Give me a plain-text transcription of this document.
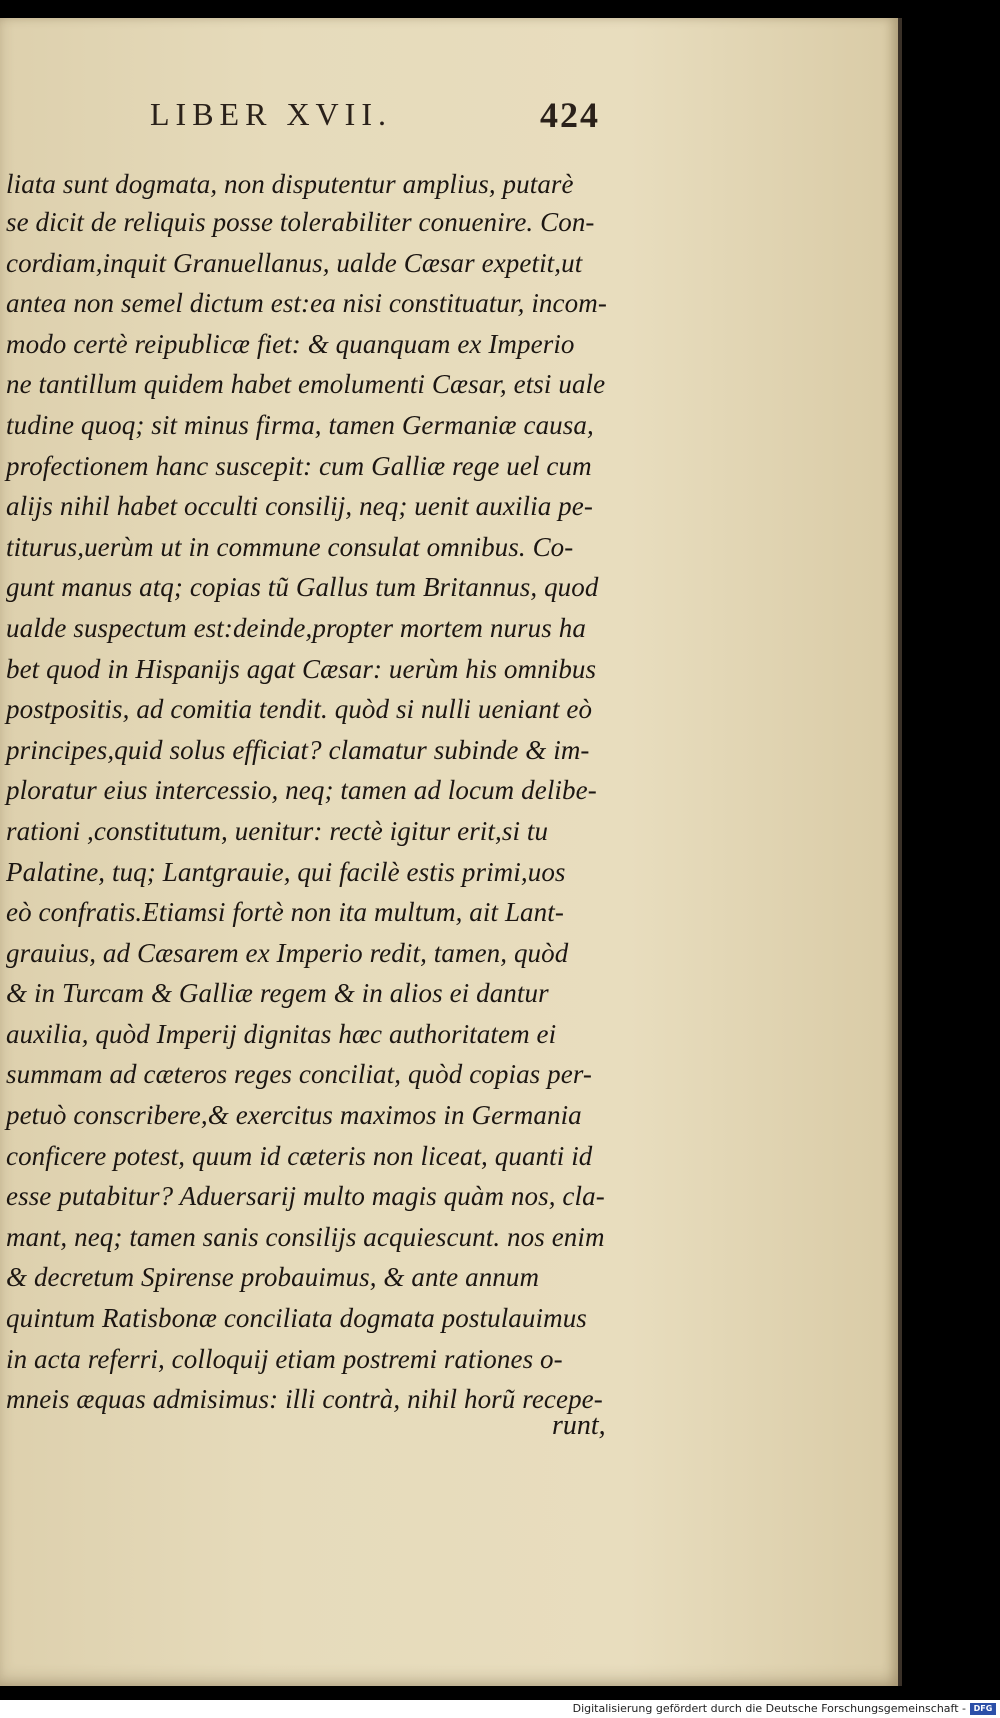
LIBER XVII.	424
liata sunt dogmata, non disputentur amplius, putarè
se dicit de reliquis posse tolerabiliter conuenire. Con-
cordiam,inquit Granuellanus, ualde Cæsar expetit,ut
antea non semel dictum est:ea nisi constituatur, incom-
modo certè reipublicæ fiet: & quanquam ex Imperio
ne tantillum quidem habet emolumenti Cæsar, etsi uale
tudine quoq; sit minus firma, tamen Germaniæ causa,
profectionem hanc suscepit: cum Galliæ rege uel cum
alijs nihil habet occulti consilij, neq; uenit auxilia pe-
titurus,uerùm ut in commune consulat omnibus. Co-
gunt manus atq; copias tũ Gallus tum Britannus, quod
ualde suspectum est:deinde,propter mortem nurus ha
bet quod in Hispanijs agat Cæsar: uerùm his omnibus
postpositis, ad comitia tendit. quòd si nulli ueniant eò
principes,quid solus efficiat? clamatur subinde & im-
ploratur eius intercessio, neq; tamen ad locum delibe-
rationi ,constitutum, uenitur: rectè igitur erit,si tu
Palatine, tuq; Lantgrauie, qui facilè estis primi,uos
eò confratis.Etiamsi fortè non ita multum, ait Lant-
grauius, ad Cæsarem ex Imperio redit, tamen, quòd
& in Turcam & Galliæ regem & in alios ei dantur
auxilia, quòd Imperij dignitas hæc authoritatem ei
summam ad cæteros reges conciliat, quòd copias per-
petuò conscribere,& exercitus maximos in Germania
conficere potest, quum id cæteris non liceat, quanti id
esse putabitur? Aduersarij multo magis quàm nos, cla-
mant, neq; tamen sanis consilijs acquiescunt. nos enim
& decretum Spirense probauimus, & ante annum
quintum Ratisbonæ conciliata dogmata postulauimus
in acta referri, colloquij etiam postremi rationes o-
mneis æquas admisimus: illi contrà, nihil horũ recepe-
runt,
Digitalisierung gefördert durch die Deutsche Forschungsgemeinschaft - DFG
